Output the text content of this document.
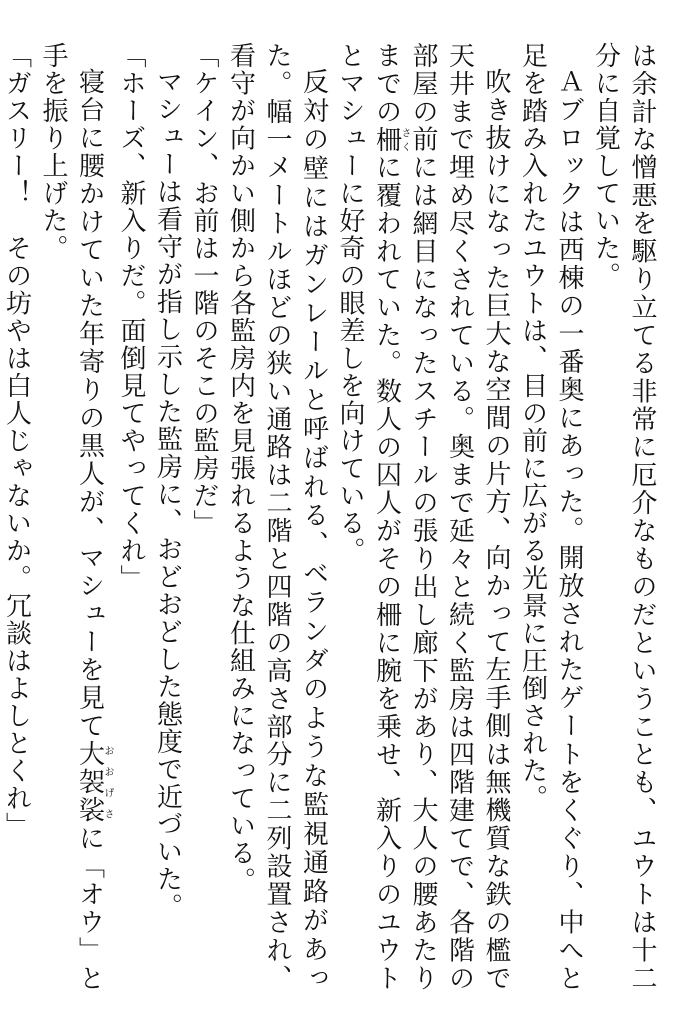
は余計な憎悪を駆り立てる非常に厄介なものだということも、ユウトは十二分に自覚していた。

Ａブロックは西棟の一番奥にあった。開放されたゲートをくぐり、中へと足を踏み入れたユウトは、目の前に広がる光景に圧倒された。

吹き抜けになった巨大な空間の片方、向かって左手側は無機質な鉄の檻で天井まで埋め尽くされている。奥まで延々と続く監房は四階建てで、各階の部屋の前には網目になったスチールの張り出し廊下があり、大人の腰あたりまでの柵さくに覆われていた。数人の囚人がその柵に腕を乗せ、新入りのユウトとマシューに好奇の眼差しを向けている。

反対の壁にはガンレールと呼ばれる、ベランダのような監視通路があった。幅一メートルほどの狭い通路は二階と四階の高さ部分に二列設置され、看守が向かい側から各監房内を見張れるような仕組みになっている。

「ケイン、お前は一階のそこの監房だ」

マシューは看守が指し示した監房に、おどおどした態度で近づいた。

「ホーズ、新入りだ。面倒見てやってくれ」

寝台に腰かけていた年寄りの黒人が、マシューを見て大袈裟おおげさに「オウ」と手を振り上げた。

「ガスリー！　その坊やは白人じゃないか。冗談はよしとくれ」
